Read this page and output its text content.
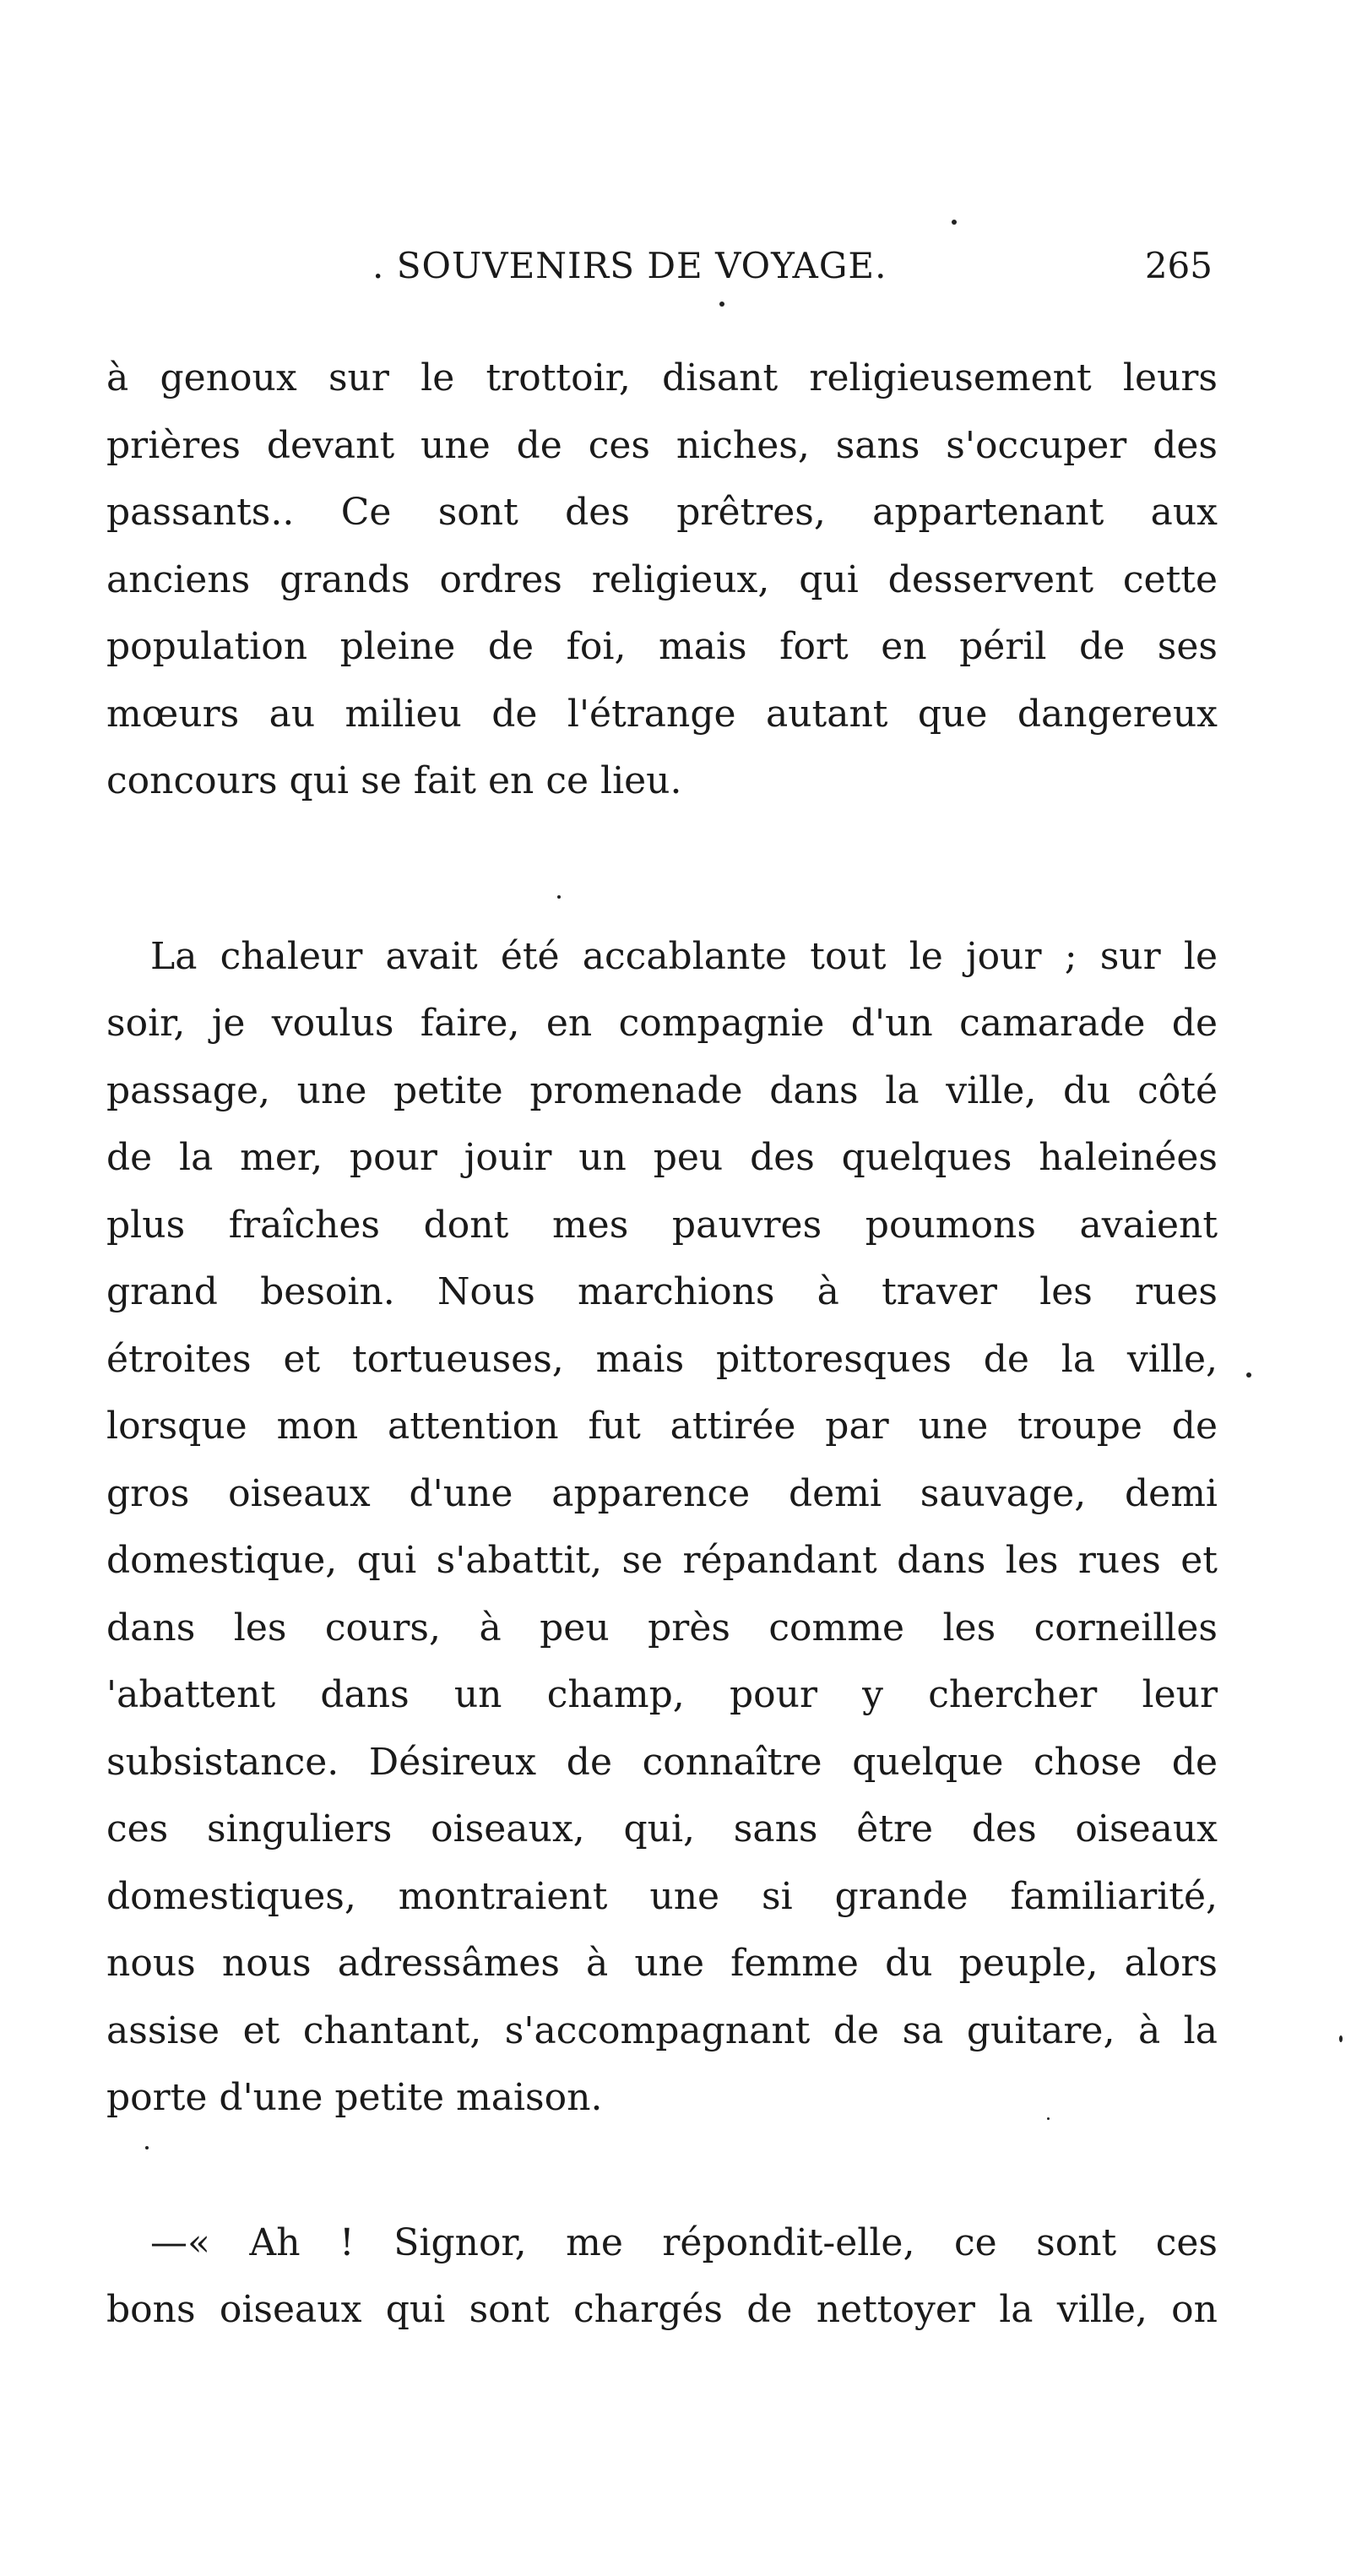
. SOUVENIRS DE VOYAGE.	265

à genoux sur le trottoir, disant religieusement leurs
prières devant une de ces niches, sans s'occuper des
passants.. Ce sont des prêtres, appartenant aux
anciens grands ordres religieux, qui desservent cette
population pleine de foi, mais fort en péril de ses
mœurs au milieu de l'étrange autant que dangereux
concours qui se fait en ce lieu.

La chaleur avait été accablante tout le jour ; sur le
soir, je voulus faire, en compagnie d'un camarade de
passage, une petite promenade dans la ville, du côté
de la mer, pour jouir un peu des quelques haleinées
plus fraîches dont mes pauvres poumons avaient
grand besoin. Nous marchions à traver les rues
étroites et tortueuses, mais pittoresques de la ville,
lorsque mon attention fut attirée par une troupe de
gros oiseaux d'une apparence demi sauvage, demi
domestique, qui s'abattit, se répandant dans les rues et
dans les cours, à peu près comme les corneilles
'abattent dans un champ, pour y chercher leur
subsistance. Désireux de connaître quelque chose de
ces singuliers oiseaux, qui, sans être des oiseaux
domestiques, montraient une si grande familiarité,
nous nous adressâmes à une femme du peuple, alors
assise et chantant, s'accompagnant de sa guitare, à la
porte d'une petite maison.

—« Ah ! Signor, me répondit-elle, ce sont ces
bons oiseaux qui sont chargés de nettoyer la ville, on
